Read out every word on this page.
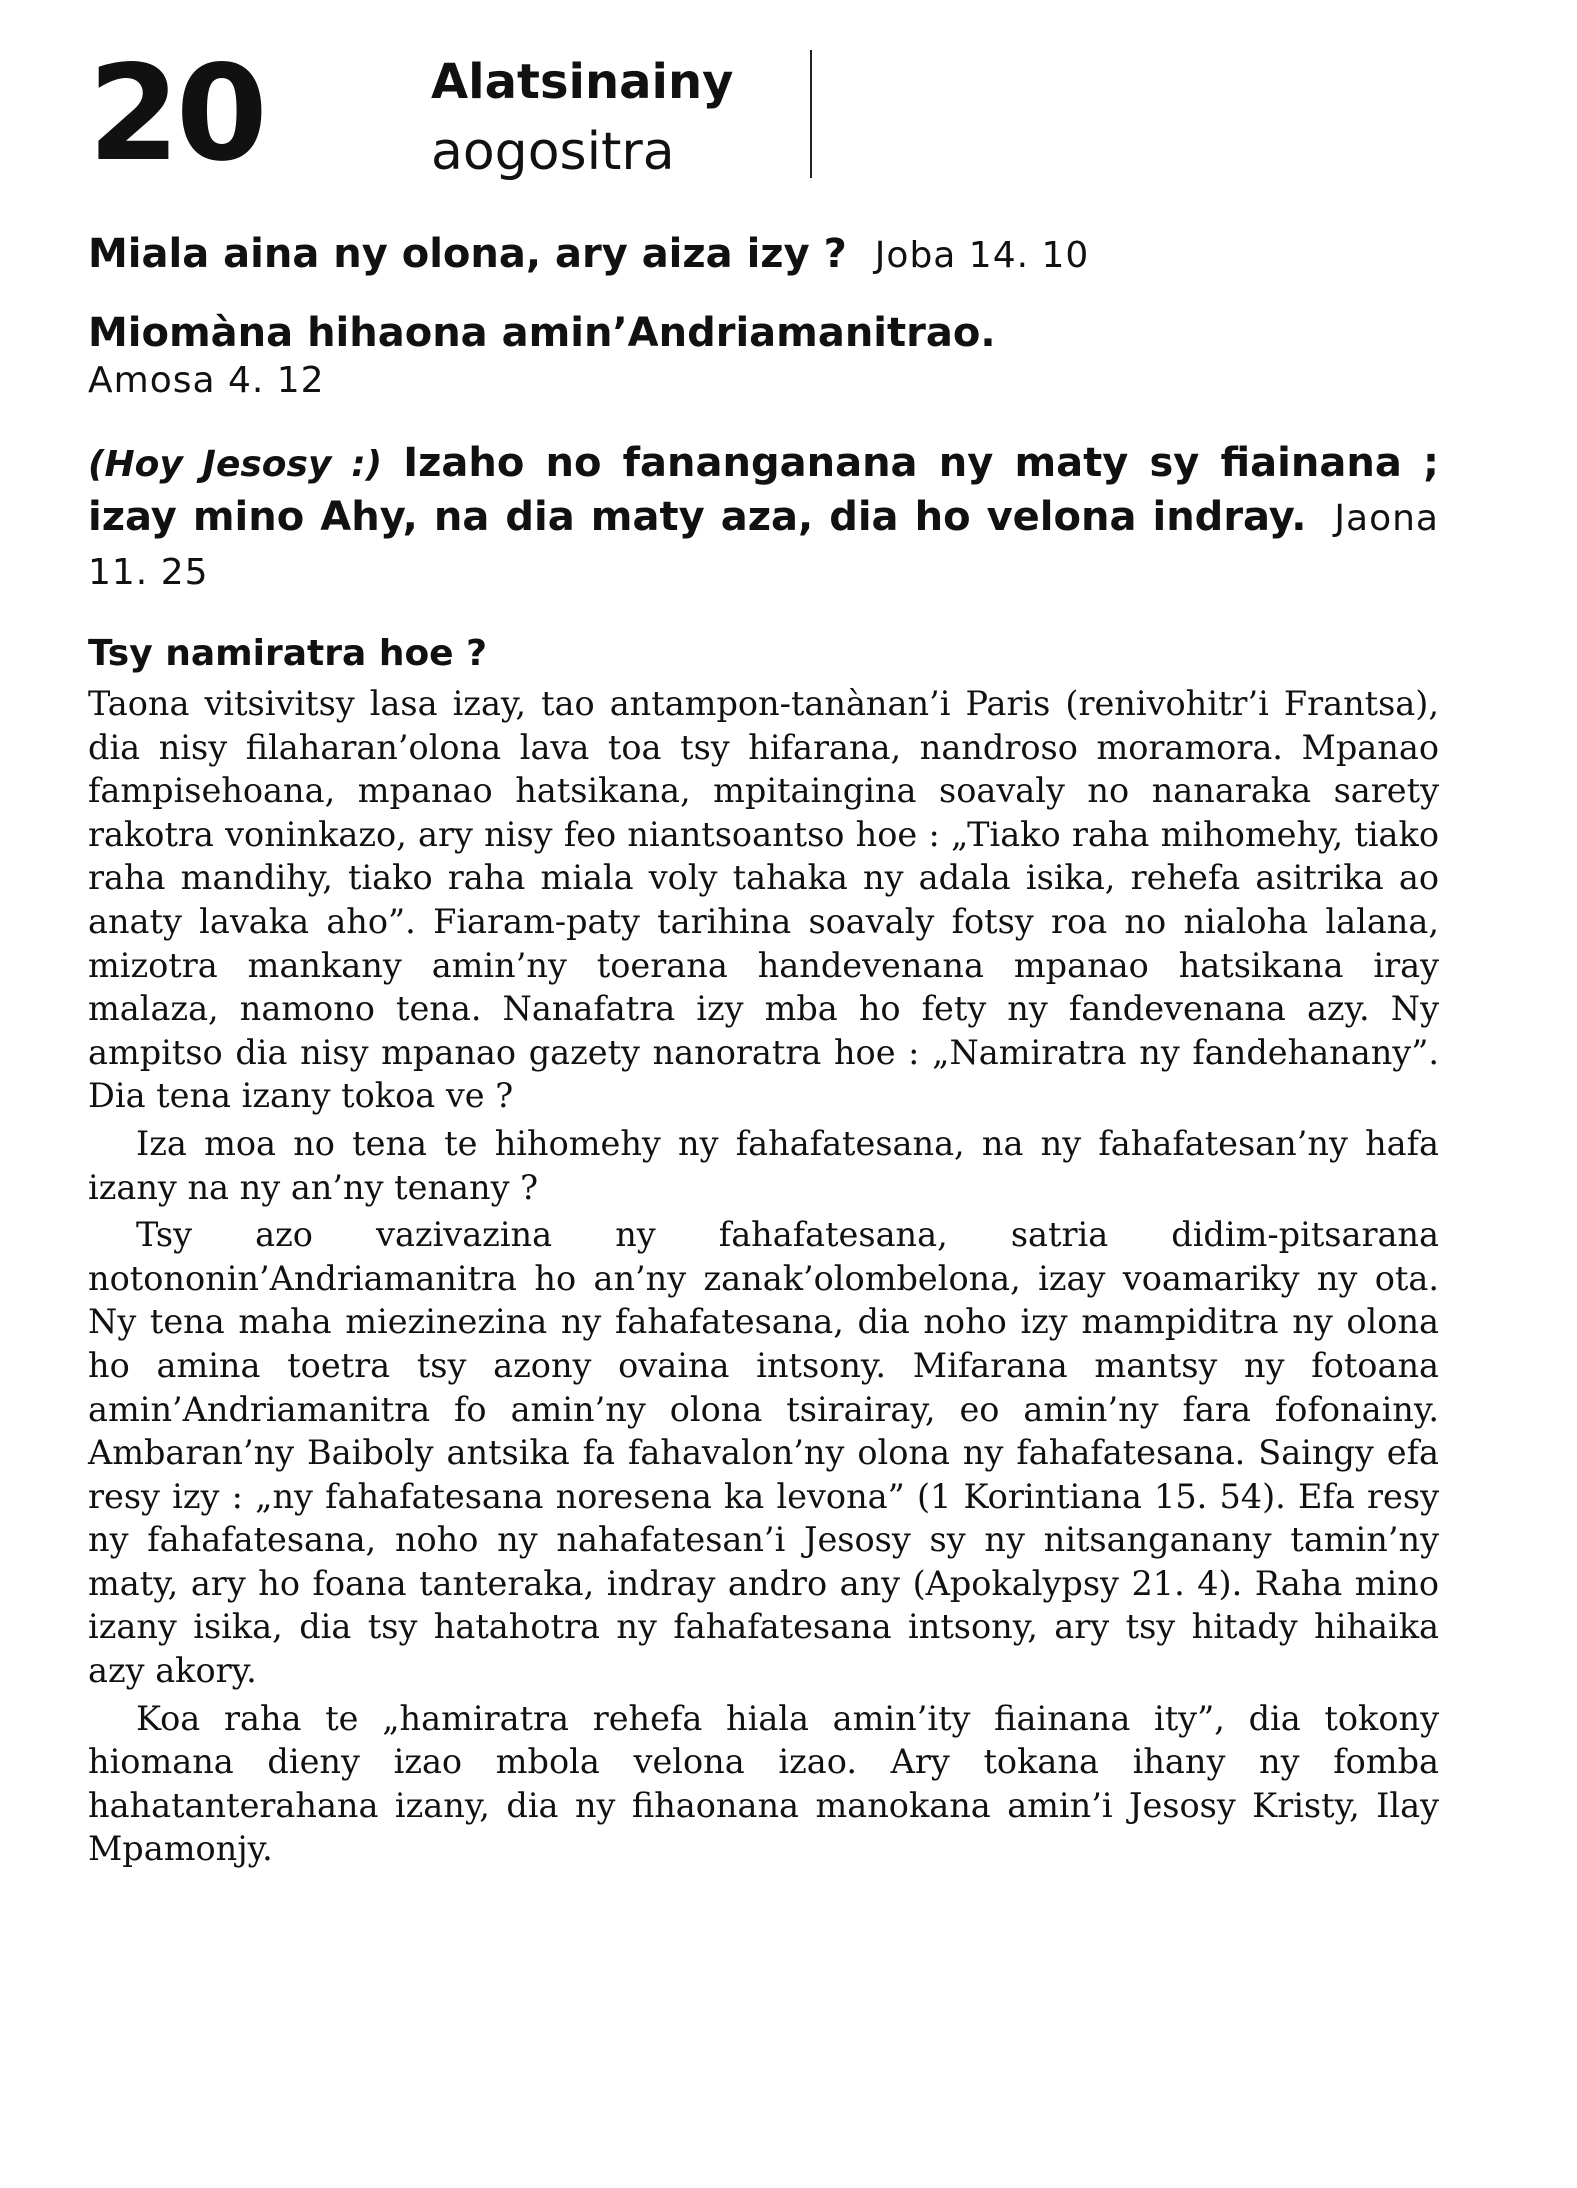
20	Alatsinainy
aogositra
Miala aina ny olona, ary aiza izy ? Joba 14. 10
Miomàna hihaona amin’Andriamanitrao.
Amosa 4. 12
(Hoy Jesosy :) Izaho no fananganana ny maty sy fiainana ; izay mino Ahy, na dia maty aza, dia ho velona indray. Jaona 11. 25
Tsy namiratra hoe ?

Taona vitsivitsy lasa izay, tao antampon-tanànan’i Paris (renivohitr’i Frantsa), dia nisy filaharan’olona lava toa tsy hifarana, nandroso moramora. Mpanao fampisehoana, mpanao hatsikana, mpitaingina soavaly no nanaraka sarety rakotra voninkazo, ary nisy feo niantsoantso hoe : „Tiako raha mihomehy, tiako raha mandihy, tiako raha miala voly tahaka ny adala isika, rehefa asitrika ao anaty lavaka aho”. Fiaram-paty tarihina soavaly fotsy roa no nialoha lalana, mizotra mankany amin’ny toerana handevenana mpanao hatsikana iray malaza, namono tena. Nanafatra izy mba ho fety ny fandevenana azy. Ny ampitso dia nisy mpanao gazety nanoratra hoe : „Namiratra ny fandehanany”. Dia tena izany tokoa ve ?

Iza moa no tena te hihomehy ny fahafatesana, na ny fahafatesan’ny hafa izany na ny an’ny tenany ?

Tsy azo vazivazina ny fahafatesana, satria didim-pitsarana notononin’Andriamanitra ho an’ny zanak’olombelona, izay voamariky ny ota. Ny tena maha miezinezina ny fahafatesana, dia noho izy mampiditra ny olona ho amina toetra tsy azony ovaina intsony. Mifarana mantsy ny fotoana amin’Andriamanitra fo amin’ny olona tsirairay, eo amin’ny fara fofonainy. Ambaran’ny Baiboly antsika fa fahavalon’ny olona ny fahafatesana. Saingy efa resy izy : „ny fahafatesana noresena ka levona” (1 Korintiana 15. 54). Efa resy ny fahafatesana, noho ny nahafatesan’i Jesosy sy ny nitsanganany tamin’ny maty, ary ho foana tanteraka, indray andro any (Apokalypsy 21. 4). Raha mino izany isika, dia tsy hatahotra ny fahafatesana intsony, ary tsy hitady hihaika azy akory.

Koa raha te „hamiratra rehefa hiala amin’ity fiainana ity”, dia tokony hiomana dieny izao mbola velona izao. Ary tokana ihany ny fomba hahatanterahana izany, dia ny fihaonana manokana amin’i Jesosy Kristy, Ilay Mpamonjy.
